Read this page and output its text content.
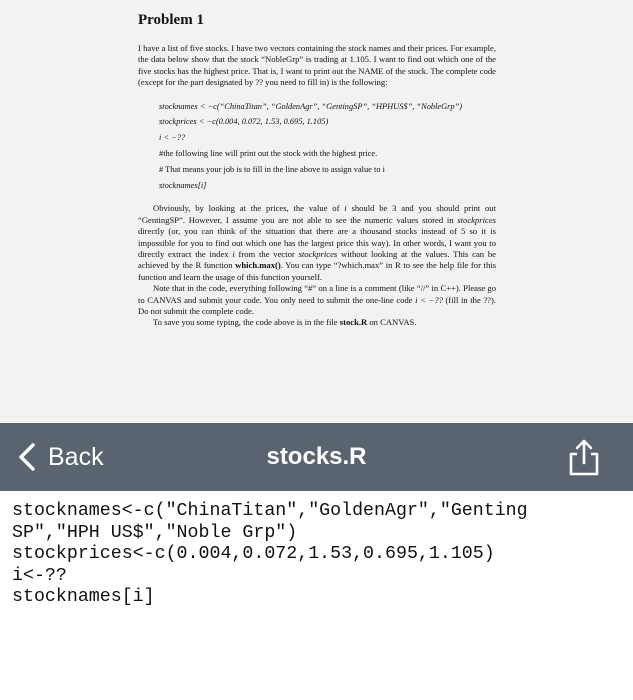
Problem 1

I have a list of five stocks. I have two vectors containing the stock names and their prices. For example, the data below show that the stock “NobleGrp” is trading at 1.105. I want to find out which one of the five stocks has the highest price. That is, I want to print out the NAME of the stock. The complete code (except for the part designated by ?? you need to fill in) is the following:

stocknames < −c(“ChinaTitan”, “GoldenAgr”, “GentingSP”, “HPHUS$”, “NobleGrp”)
stockprices < −c(0.004, 0.072, 1.53, 0.695, 1.105)
i < −??
#the following line will print out the stock with the highest price.
# That means your job is to fill in the line above to assign value to i
stocknames[i]

Obviously, by looking at the prices, the value of i should be 3 and you should print out “GentingSP”. However, I assume you are not able to see the numeric values stored in stockprices directly (or, you can think of the situation that there are a thousand stocks instead of 5 so it is impossible for you to find out which one has the largest price this way). In other words, I want you to directly extract the index i from the vector stockprices without looking at the values. This can be achieved by the R function which.max(). You can type “?which.max” in R to see the help file for this function and learn the usage of this function yourself.

Note that in the code, everything following “#” on a line is a comment (like “//” in C++). Please go to CANVAS and submit your code. You only need to submit the one-line code i < −?? (fill in the ??). Do not submit the complete code.

To save you some typing, the code above is in the file stock.R on CANVAS.

Back	stocks.R
stocknames<-c("ChinaTitan","GoldenAgr","Genting
SP","HPH US$","Noble Grp")
stockprices<-c(0.004,0.072,1.53,0.695,1.105)
i<-??
stocknames[i]
